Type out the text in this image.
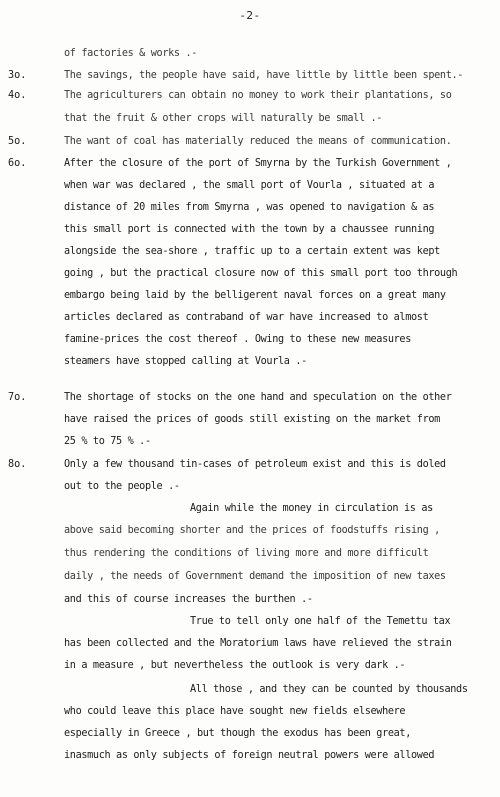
-2-
3o.
4o.
5o.
6o.
7o.
8o.
of factories & works .-
The savings, the people have said, have little by little been spent.-
The agriculturers can obtain no money to work their plantations, so
that the fruit & other crops will naturally be small .-
The want of coal has materially reduced the means of communication.
After the closure of the port of Smyrna by the Turkish Government ,
when war was declared , the small port of Vourla , situated at a
distance of 20 miles from Smyrna , was opened to navigation & as
this small port is connected with the town by a chaussee running
alongside the sea-shore , traffic up to a certain extent was kept
going , but the practical closure now of this small port too through
embargo being laid by the belligerent naval forces on a great many
articles declared as contraband of war have increased to almost
famine-prices the cost thereof . Owing to these new measures
steamers have stopped calling at Vourla .-
The shortage of stocks on the one hand and speculation on the other
have raised the prices of goods still existing on the market from
25 % to 75 % .-
Only a few thousand tin-cases of petroleum exist and this is doled
out to the people .-
Again while the money in circulation is as
above said becoming shorter and the prices of foodstuffs rising ,
thus rendering the conditions of living more and more difficult
daily , the needs of Government demand the imposition of new taxes
and this of course increases the burthen .-
True to tell only one half of the Temettu tax
has been collected and the Moratorium laws have relieved the strain
in a measure , but nevertheless the outlook is very dark .-
All those , and they can be counted by thousands
who could leave this place have sought new fields elsewhere
especially in Greece , but though the exodus has been great,
inasmuch as only subjects of foreign neutral powers were allowed
